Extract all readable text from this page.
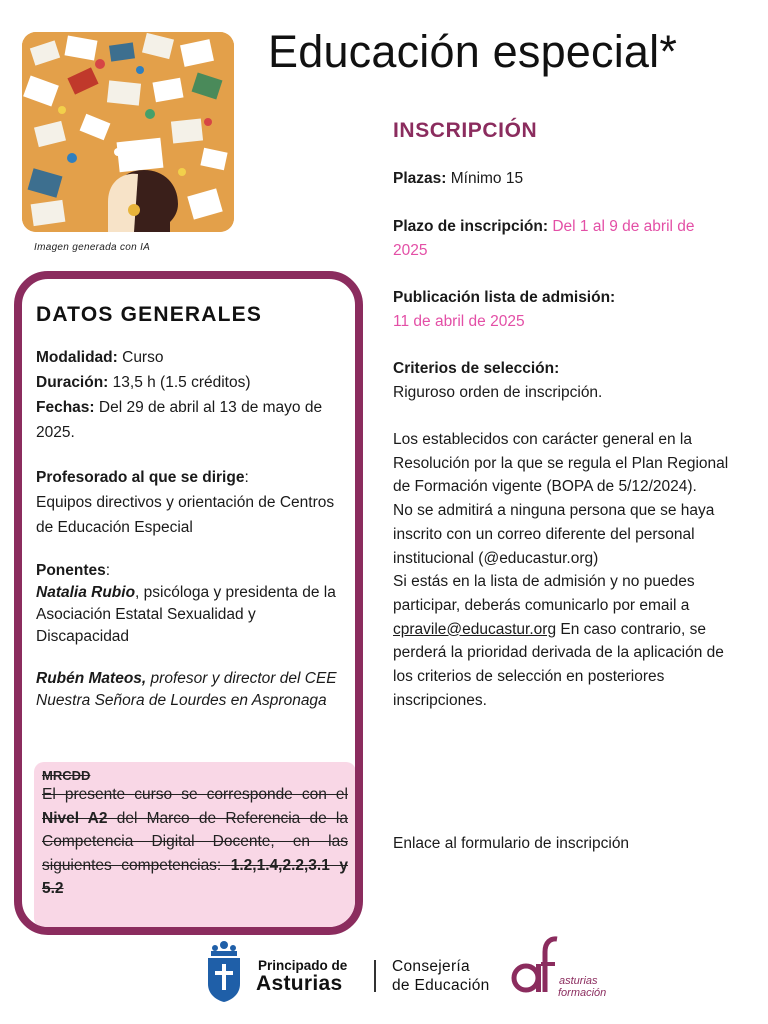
Imagen generada con IA
Educación especial*
DATOS GENERALES
Modalidad: Curso
Duración: 13,5 h (1.5 créditos)
Fechas: Del 29 de abril al 13 de mayo de 2025.
Profesorado al que se dirige:
Equipos directivos y orientación de Centros de Educación Especial
Ponentes:
Natalia Rubio, psicóloga y presidenta de la Asociación Estatal Sexualidad y Discapacidad
Rubén Mateos, profesor y director del CEE Nuestra Señora de Lourdes en Aspronaga
MRCDD
El presente curso se corresponde con el Nivel A2 del Marco de Referencia de la Competencia Digital Docente, en las siguientes competencias: 1.2,1.4,2.2,3.1 y 5.2
INSCRIPCIÓN
Plazas: Mínimo 15
Plazo de inscripción: Del 1 al 9 de abril de 2025
Publicación lista de admisión:
11 de abril de 2025
Criterios de selección:
Riguroso orden de inscripción.
Los establecidos con carácter general en la Resolución por la que se regula el Plan Regional de Formación vigente (BOPA de 5/12/2024).
No se admitirá a ninguna persona que se haya inscrito con un correo diferente del personal institucional (@educastur.org)
Si estás en la lista de admisión y no puedes participar, deberás comunicarlo por email a cpravile@educastur.org En caso contrario, se perderá la prioridad derivada de la aplicación de los criterios de selección en posteriores inscripciones.
Enlace al formulario de inscripción
Principado de
Asturias
Consejería
de Educación	asturias
formación
